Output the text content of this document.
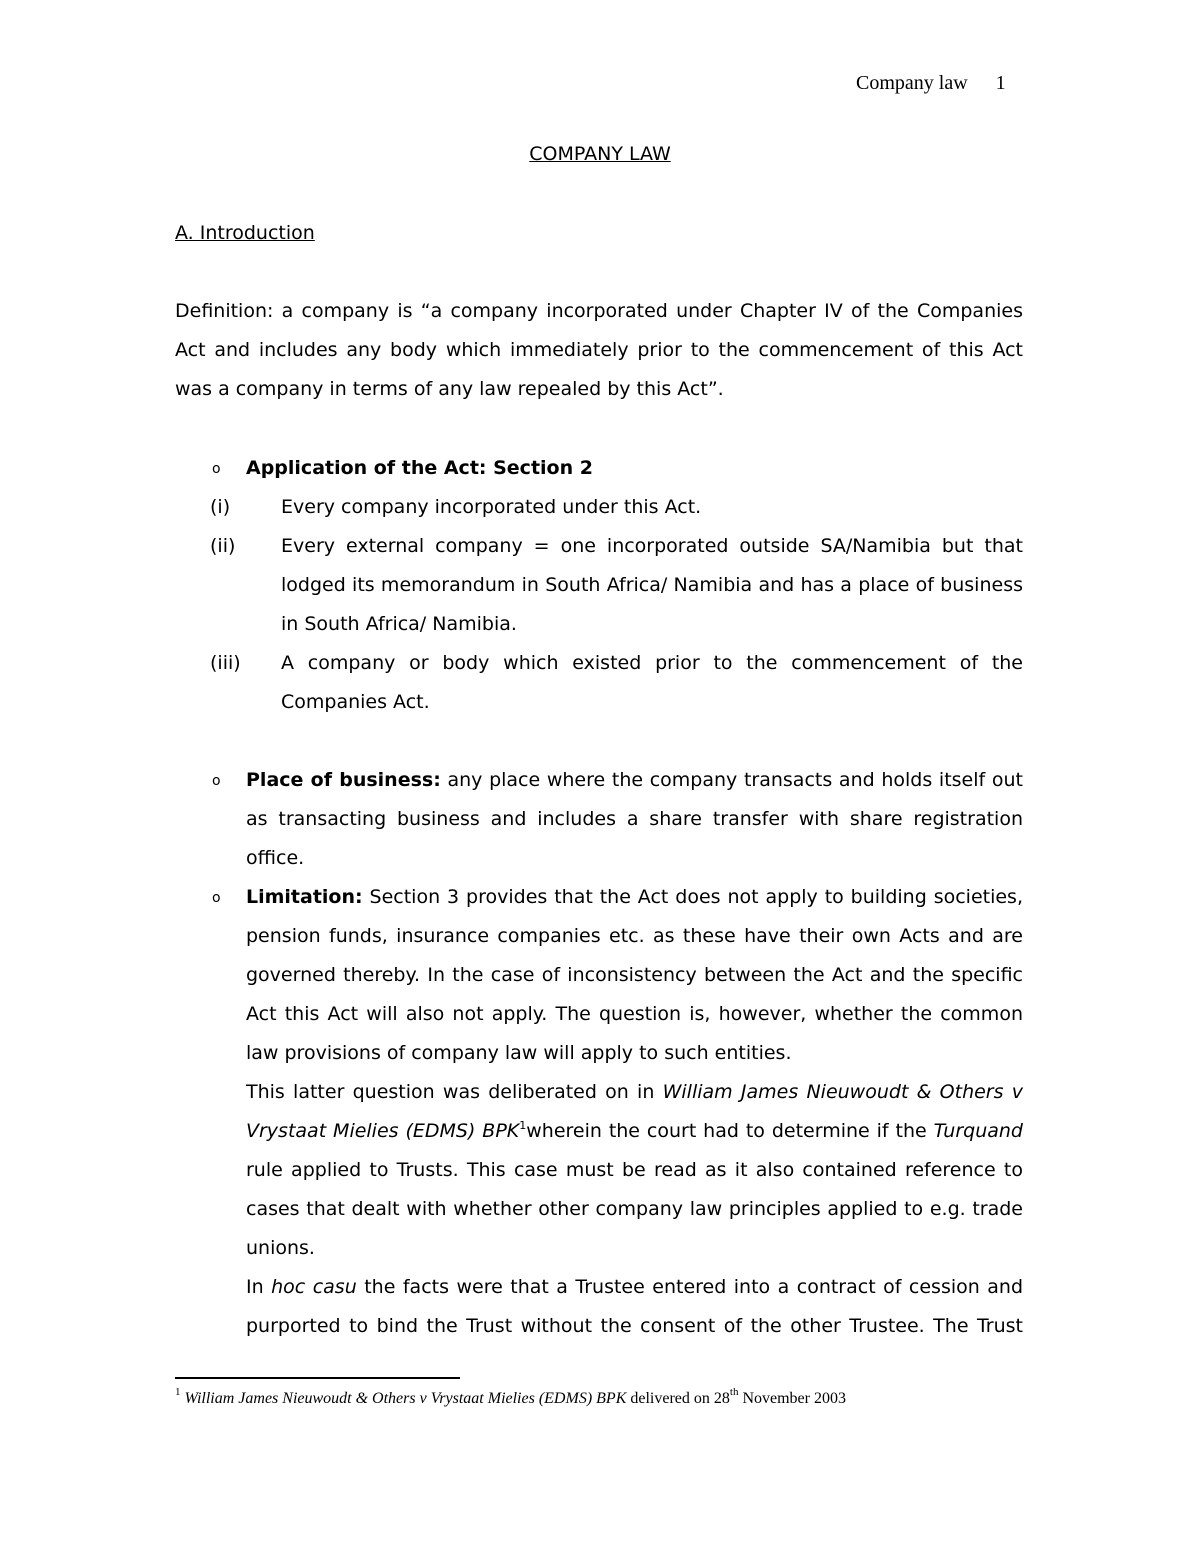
Company law 1
COMPANY LAW
A. Introduction
Definition: a company is “a company incorporated under Chapter IV of the Companies
Act and includes any body which immediately prior to the commencement of this Act
was a company in terms of any law repealed by this Act”.
o Application of the Act: Section 2
(i)	Every company incorporated under this Act.
(ii) Every external company = one incorporated outside SA/Namibia but that
lodged its memorandum in South Africa/ Namibia and has a place of business
in South Africa/ Namibia.
(iii) A company or body which existed prior to the commencement of the
Companies Act.
o Place of business: any place where the company transacts and holds itself out
as transacting business and includes a share transfer with share registration
office.
o Limitation: Section 3 provides that the Act does not apply to building societies,
pension funds, insurance companies etc. as these have their own Acts and are
governed thereby. In the case of inconsistency between the Act and the specific
Act this Act will also not apply. The question is, however, whether the common
law provisions of company law will apply to such entities.
This latter question was deliberated on in William James Nieuwoudt & Others v
Vrystaat Mielies (EDMS) BPK$^1$wherein the court had to determine if the Turquand
rule applied to Trusts. This case must be read as it also contained reference to
cases that dealt with whether other company law principles applied to e.g. trade
unions.
In hoc casu the facts were that a Trustee entered into a contract of cession and
purported to bind the Trust without the consent of the other Trustee. The Trust
$^1$ William James Nieuwoudt & Others v Vrystaat Mielies (EDMS) BPK delivered on 28th November 2003
